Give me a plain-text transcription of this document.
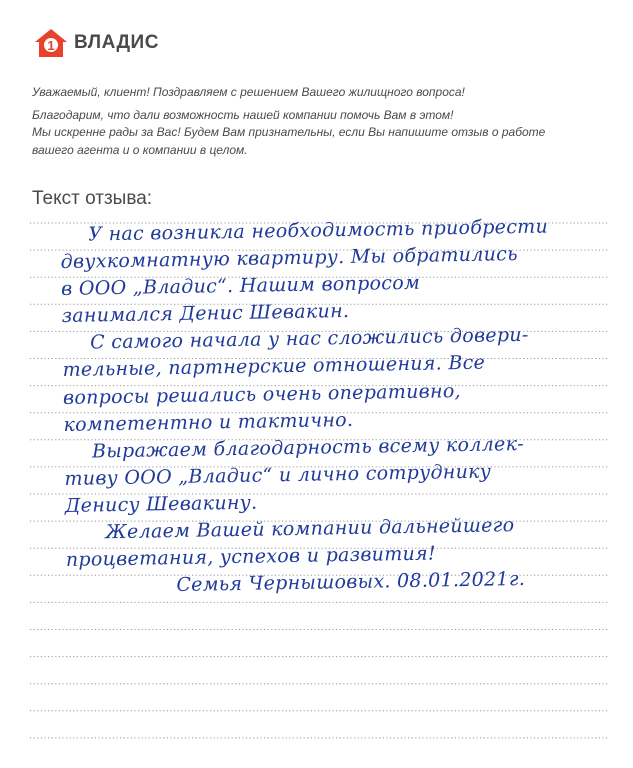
1 ВЛАДИС

Уважаемый, клиент! Поздравляем с решением Вашего жилищного вопроса!

Благодарим, что дали возможность нашей компании помочь Вам в этом!

Мы искренне рады за Вас! Будем Вам признательны, если Вы напишите отзыв о работе

вашего агента и о компании в целом.

Текст отзыва:
У нас возникла необходимость приобрести
двухкомнатную квартиру. Мы обратились
в ООО „Владис“. Нашим вопросом
занимался Денис Шевакин.
С самого начала у нас сложились довери-
тельные, партнерские отношения. Все
вопросы решались очень оперативно,
компетентно и тактично.
Выражаем благодарность всему коллек-
тиву ООО „Владис“ и лично сотруднику
Денису Шевакину.
Желаем Вашей компании дальнейшего
процветания, успехов и развития!
Семья Чернышовых. 08.01.2021г.
